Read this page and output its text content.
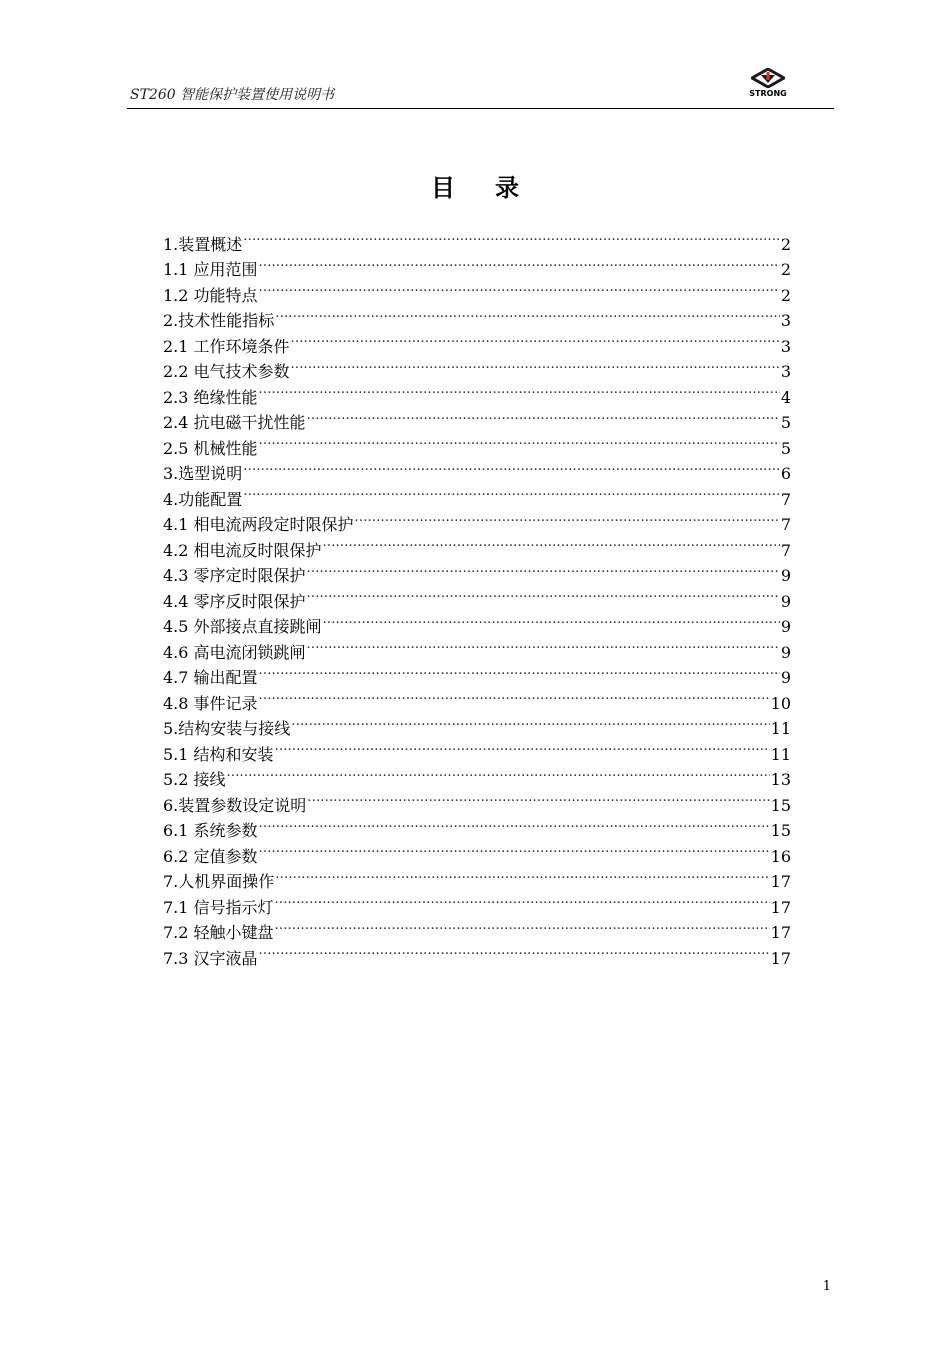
ST260 智能保护装置使用说明书	STRONG
目录
1.装置概述 .....	2
1.1 应用范围 .....	2
1.2 功能特点 .....	2
2.技术性能指标 .....	3
2.1 工作环境条件 .....	3
2.2 电气技术参数 .....	3
2.3 绝缘性能 .....	4
2.4 抗电磁干扰性能 .....	5
2.5 机械性能 .....	5
3.选型说明 .....	6
4.功能配置 .....	7
4.1 相电流两段定时限保护 .....	7
4.2 相电流反时限保护 .....	7
4.3 零序定时限保护 .....	9
4.4 零序反时限保护 .....	9
4.5 外部接点直接跳闸 .....	9
4.6 高电流闭锁跳闸 .....	9
4.7 输出配置 .....	9
4.8 事件记录 .....	10
5.结构安装与接线 .....	11
5.1 结构和安装 .....	11
5.2 接线 .....	13
6.装置参数设定说明 .....	15
6.1 系统参数 .....	15
6.2 定值参数 .....	16
7.人机界面操作 .....	17
7.1 信号指示灯 .....	17
7.2 轻触小键盘 .....	17
7.3 汉字液晶 .....	17
1
